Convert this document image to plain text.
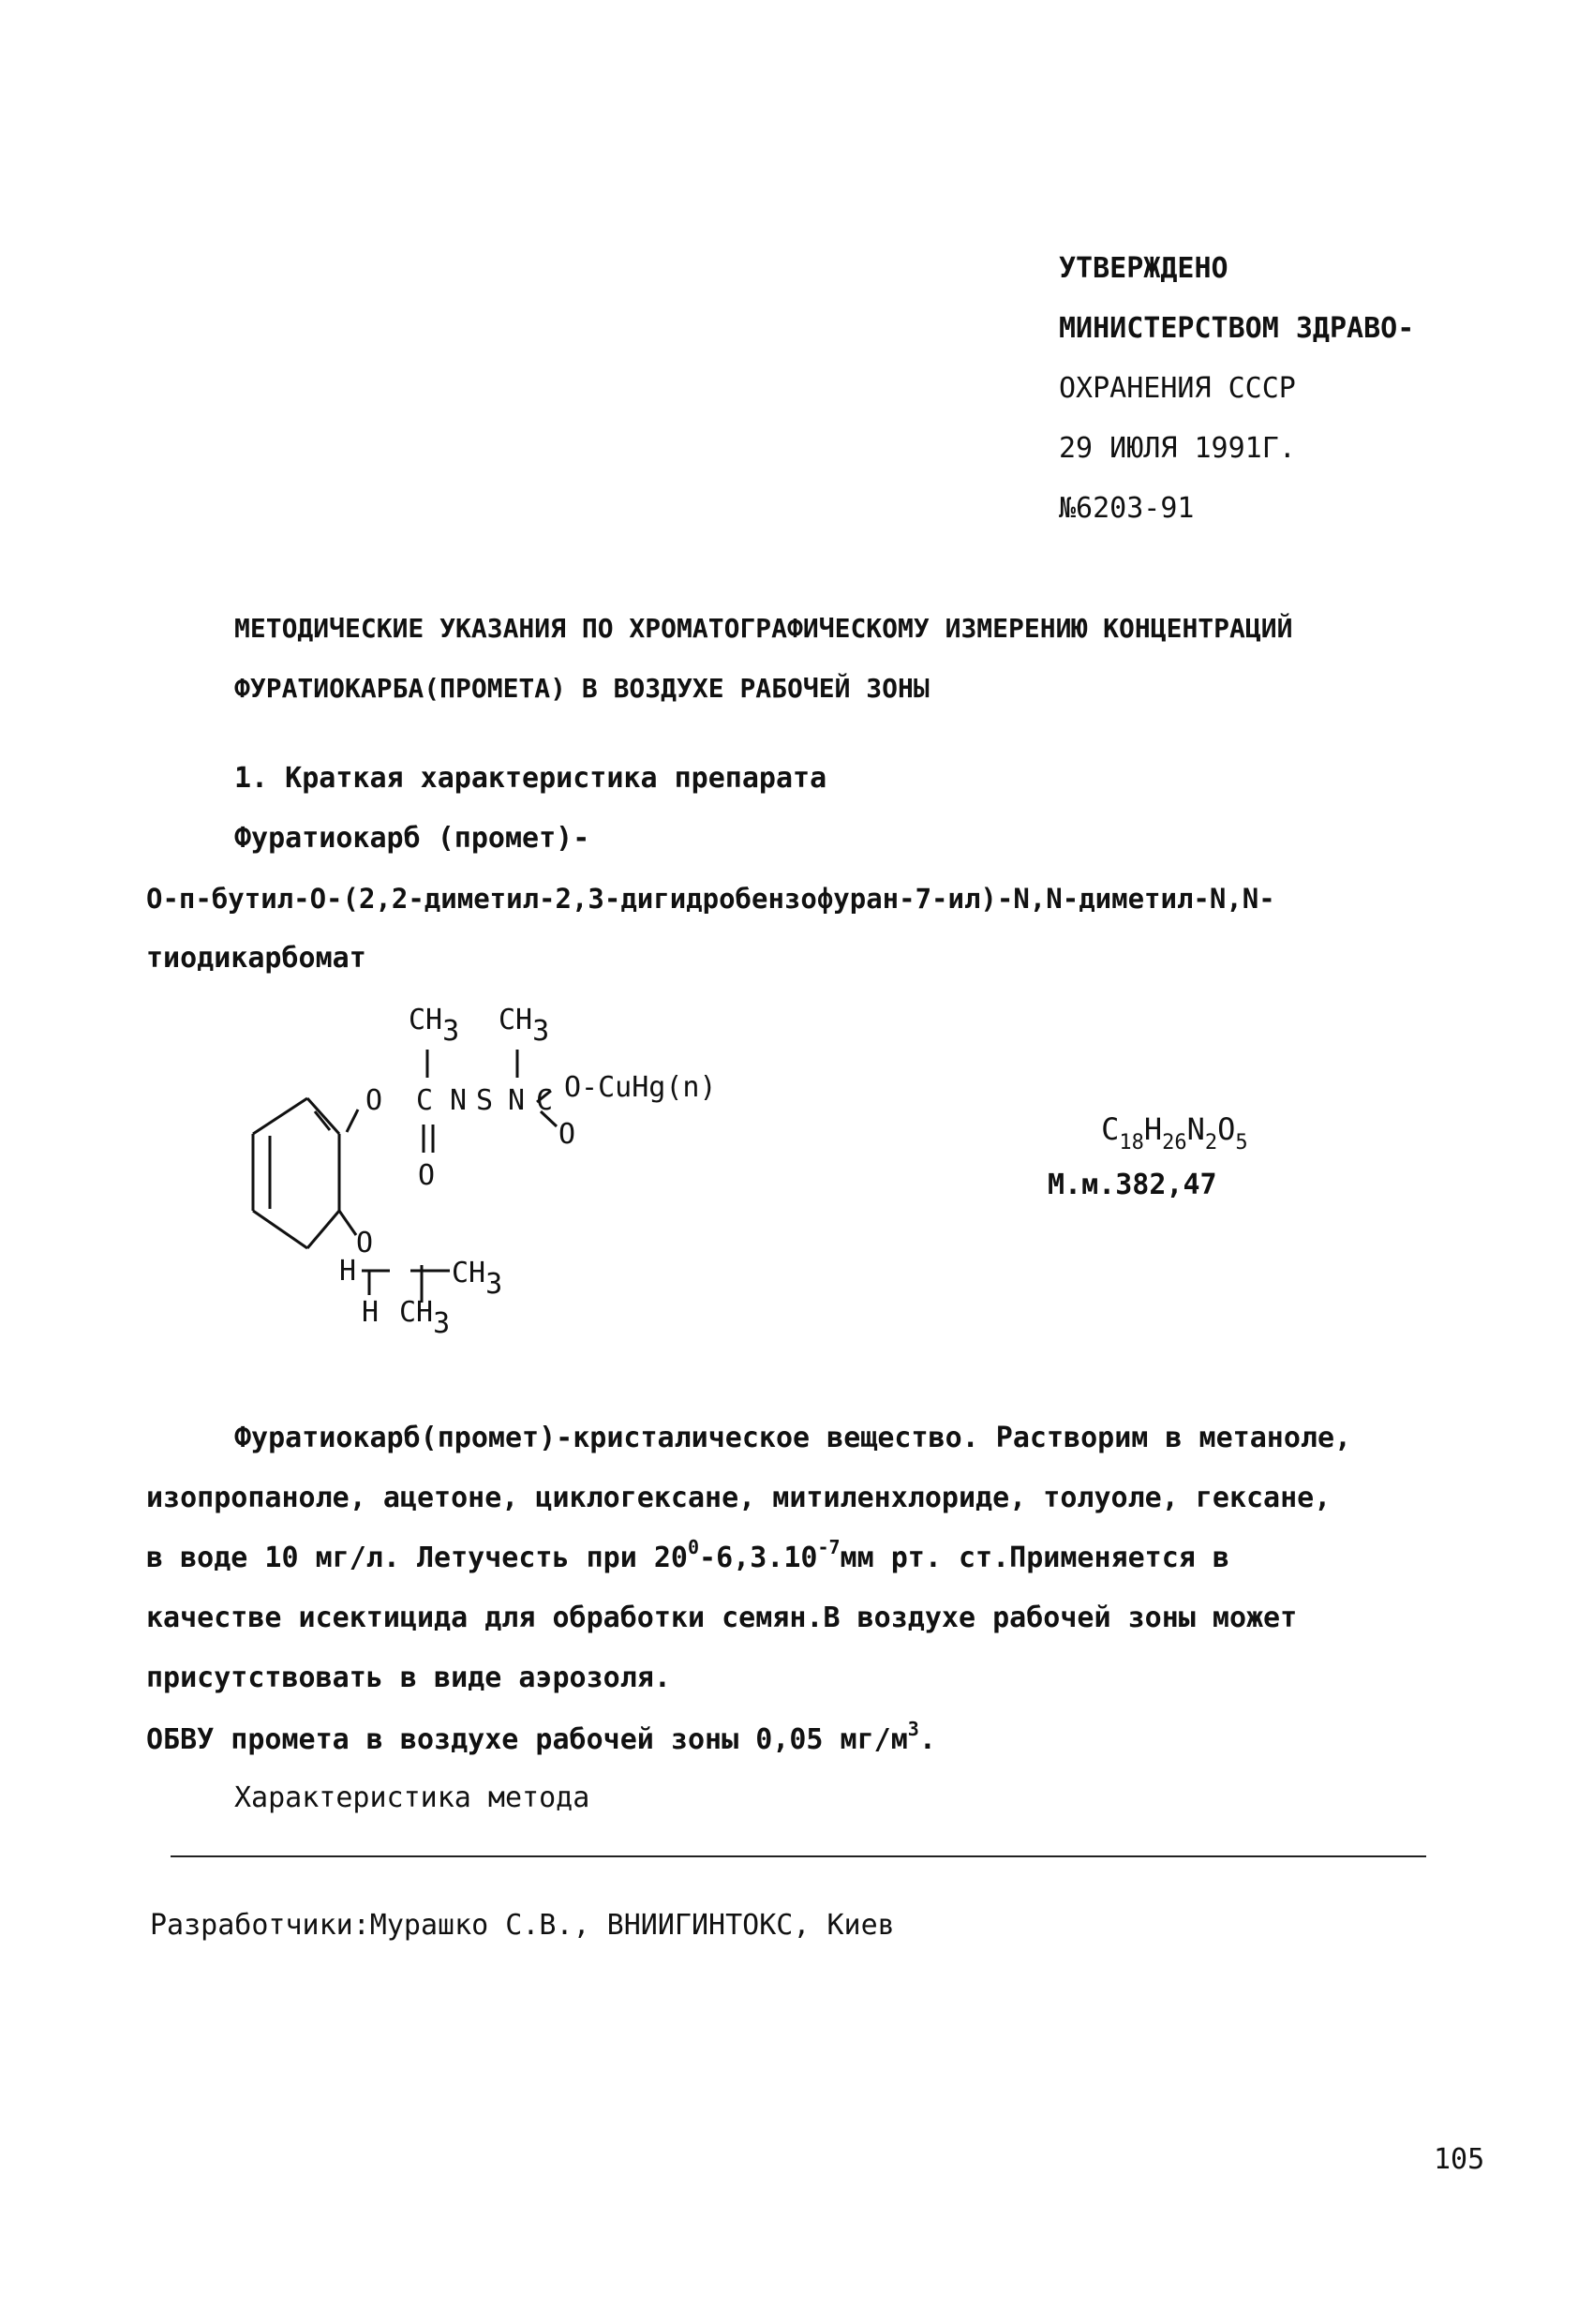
УТВЕРЖДЕНО
МИНИСТЕРСТВОМ ЗДРАВО-
ОХРАНЕНИЯ СССР
29 ИЮЛЯ 1991Г.
№6203-91
МЕТОДИЧЕСКИЕ УКАЗАНИЯ ПО ХРОМАТОГРАФИЧЕСКОМУ ИЗМЕРЕНИЮ КОНЦЕНТРАЦИЙ
ФУРАТИОКАРБА(ПРОМЕТА) В ВОЗДУХЕ РАБОЧЕЙ ЗОНЫ
1. Краткая характеристика препарата
Фуратиокарб (промет)-
О-п-бутил-О-(2,2-диметил-2,3-дигидробензофуран-7-ил)-N,N-диметил-N,N-
тиодикарбомат
CH3 CH3
O C N S N C O-CuHg(n)
O
O
O
H
H
CH3
CH3

$C_{18}H_{26}N_2O_5$

М.м.382,47
Фуратиокарб(промет)-кристалическое вещество. Растворим в метаноле,
изопропаноле, ацетоне, циклогексане, митиленхлориде, толуоле, гексане,
в воде 10 мг/л. Летучесть при $20^0-6,3.10^{-7}мм$ рт. ст.Применяется в
качестве исектицида для обработки семян.В воздухе рабочей зоны может
присутствовать в виде аэрозоля.
ОБВУ промета в воздухе рабочей зоны 0,05 $мг/м^3$.
Характеристика метода
Разработчики:Мурашко С.В., ВНИИГИНТОКС, Киев
105
